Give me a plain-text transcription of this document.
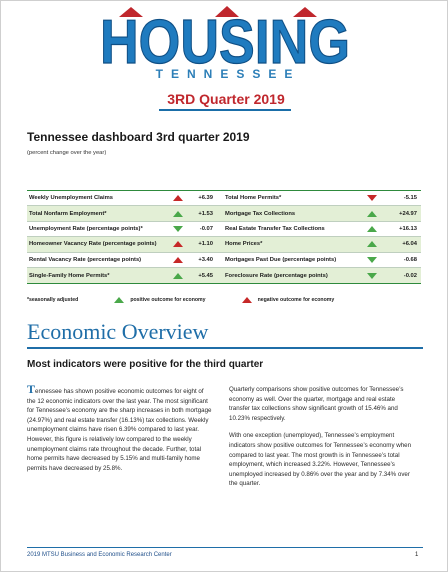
HOUSING
TENNESSEE
3RD Quarter 2019
Tennessee dashboard 3rd quarter 2019
(percent change over the year)
Weekly Unemployment Claims	+6.39	Total Home Permits*	-5.15
Total Nonfarm Employment*	+1.53	Mortgage Tax Collections	+24.97
Unemployment Rate (percentage points)*	-0.07	Real Estate Transfer Tax Collections	+16.13
Homeowner Vacancy Rate (percentage points)	+1.10	Home Prices*	+6.04
Rental Vacancy Rate (percentage points)	+3.40	Mortgages Past Due (percentage points)	-0.68
Single-Family Home Permits*	+5.45	Foreclosure Rate (percentage points)	-0.02
*seasonally adjusted	positive outcome for economy	negative outcome for economy
Economic Overview
Most indicators were positive for the third quarter

Tennessee has shown positive economic outcomes for eight of the 12 economic indicators over the last year. The most significant for Tennessee’s economy are the sharp increases in both mortgage (24.97%) and real estate transfer (16.13%) tax collections. Weekly unemployment claims have risen 6.39% compared to last year. However, this figure is relatively low compared to the weekly unemployment claims rate throughout the decade. Further, total home permits have decreased by 5.15% and multi-family home permits have decreased by 25.8%.

Quarterly comparisons show positive outcomes for Tennessee’s economy as well. Over the quarter, mortgage and real estate transfer tax collections show significant growth of 15.46% and 10.23% respectively.

With one exception (unemployed), Tennessee’s employment indicators show positive outcomes for Tennessee’s economy when compared to last year. The most growth is in Tennessee’s total employment, which increased 3.22%. However, Tennessee’s unemployed increased by 0.86% over the year and by 7.34% over the quarter.

2019 MTSU Business and Economic Research Center	1
